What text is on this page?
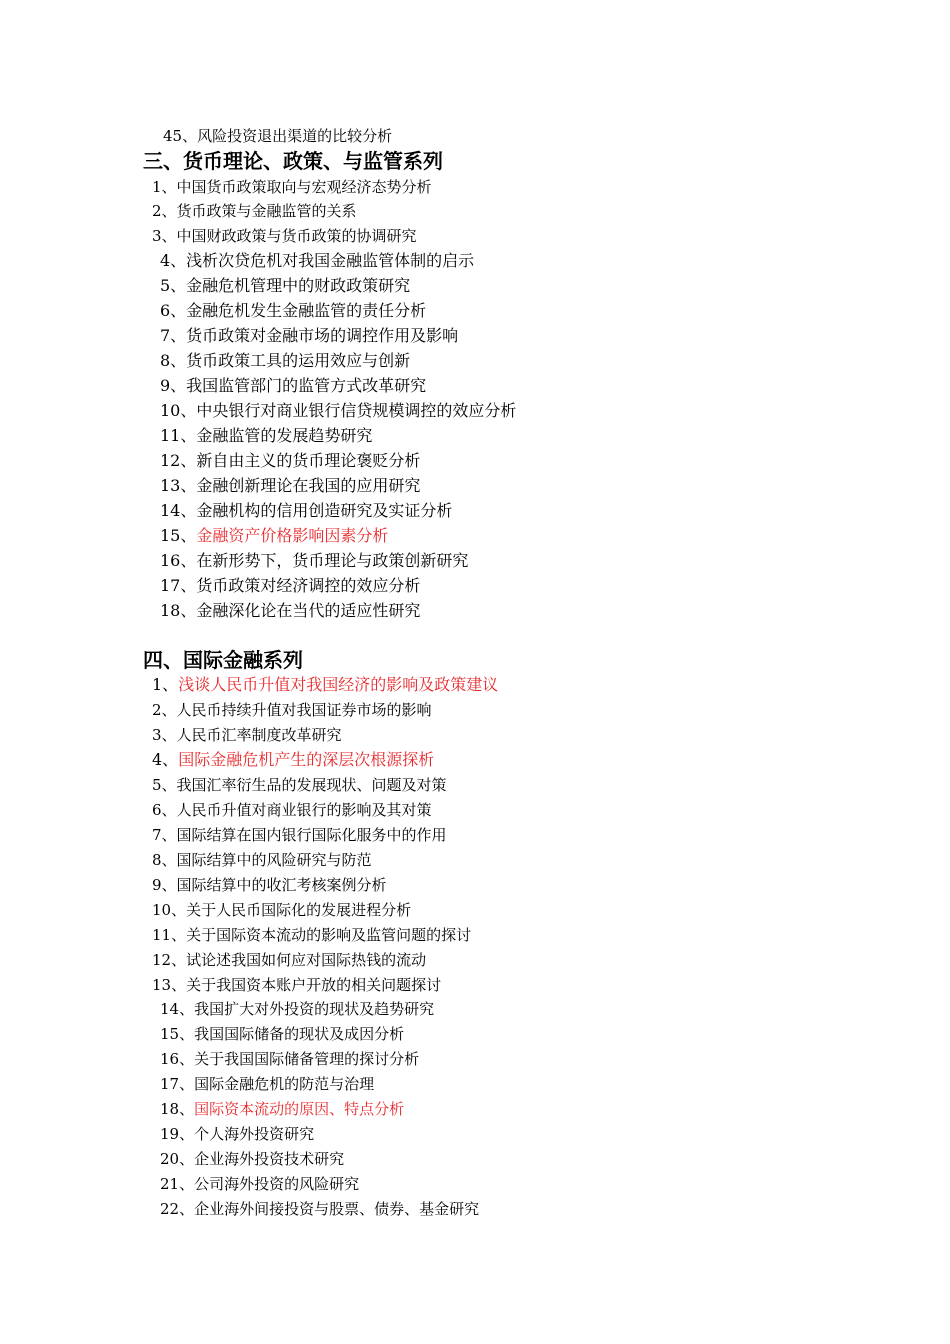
45、风险投资退出渠道的比较分析
三、货币理论、政策、与监管系列
1、中国货币政策取向与宏观经济态势分析
2、货币政策与金融监管的关系
3、中国财政政策与货币政策的协调研究
4、浅析次贷危机对我国金融监管体制的启示
5、金融危机管理中的财政政策研究
6、金融危机发生金融监管的责任分析
7、货币政策对金融市场的调控作用及影响
8、货币政策工具的运用效应与创新
9、我国监管部门的监管方式改革研究
10、中央银行对商业银行信贷规模调控的效应分析
11、金融监管的发展趋势研究
12、新自由主义的货币理论褒贬分析
13、金融创新理论在我国的应用研究
14、金融机构的信用创造研究及实证分析
15、金融资产价格影响因素分析
16、在新形势下，货币理论与政策创新研究
17、货币政策对经济调控的效应分析
18、金融深化论在当代的适应性研究
四、国际金融系列
1、浅谈人民币升值对我国经济的影响及政策建议
2、人民币持续升值对我国证券市场的影响
3、人民币汇率制度改革研究
4、国际金融危机产生的深层次根源探析
5、我国汇率衍生品的发展现状、问题及对策
6、人民币升值对商业银行的影响及其对策
7、国际结算在国内银行国际化服务中的作用
8、国际结算中的风险研究与防范
9、国际结算中的收汇考核案例分析
10、关于人民币国际化的发展进程分析
11、关于国际资本流动的影响及监管问题的探讨
12、试论述我国如何应对国际热钱的流动
13、关于我国资本账户开放的相关问题探讨
14、我国扩大对外投资的现状及趋势研究
15、我国国际储备的现状及成因分析
16、关于我国国际储备管理的探讨分析
17、国际金融危机的防范与治理
18、国际资本流动的原因、特点分析
19、个人海外投资研究
20、企业海外投资技术研究
21、公司海外投资的风险研究
22、企业海外间接投资与股票、债券、基金研究
